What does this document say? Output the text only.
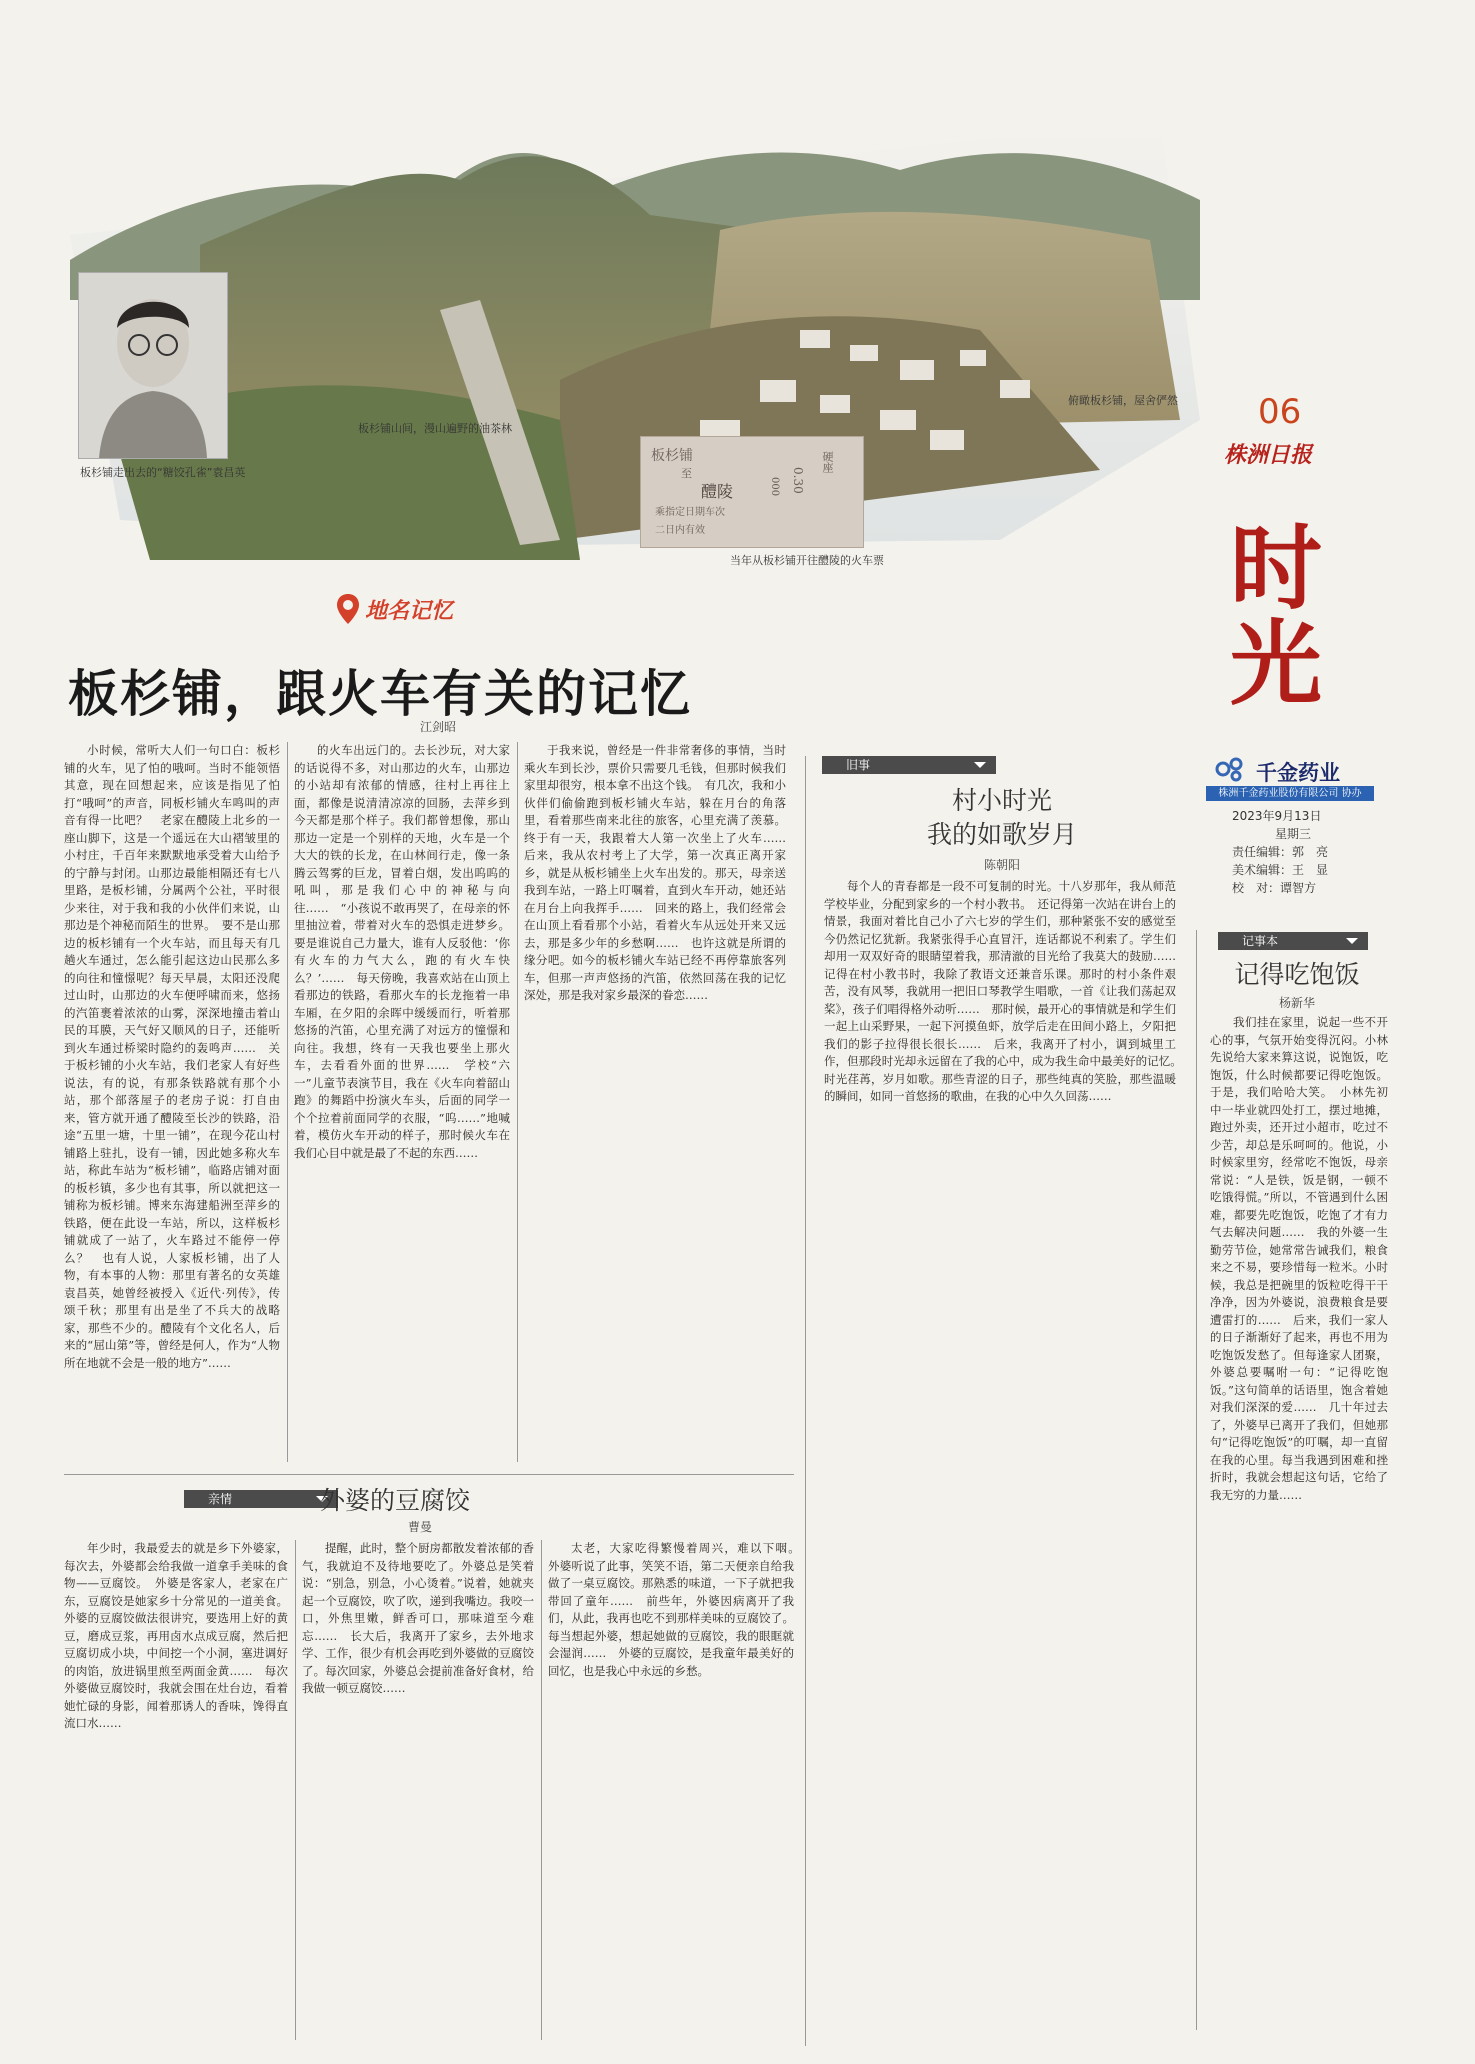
板杉铺走出去的“糖饺孔雀”袁昌英
板杉铺山间，漫山遍野的油茶林
俯瞰板杉铺，屋舍俨然
板杉铺
至
醴陵
乘指定日期车次
二日内有效
硬座
0.30
000
当年从板杉铺开往醴陵的火车票
06
株洲日报
时光
千金药业
株洲千金药业股份有限公司 协办
2023年9月13日
星期三
责任编辑：郭　亮
美术编辑：王　显
校　对：谭智方
地名记忆
板杉铺，跟火车有关的记忆
江剑昭
小时候，常听大人们一句口白：板杉铺的火车，见了怕的哦呵。当时不能领悟其意，现在回想起来，应该是指见了怕打“哦呵”的声音，同板杉铺火车鸣叫的声音有得一比吧？　老家在醴陵上北乡的一座山脚下，这是一个遥远在大山褶皱里的小村庄，千百年来默默地承受着大山给予的宁静与封闭。山那边最能相隔还有七八里路，是板杉铺，分属两个公社，平时很少来往，对于我和我的小伙伴们来说，山那边是个神秘而陌生的世界。　要不是山那边的板杉铺有一个火车站，而且每天有几趟火车通过，怎么能引起这边山民那么多的向往和憧憬呢？每天早晨，太阳还没爬过山时，山那边的火车便呼啸而来，悠扬的汽笛裹着浓浓的山雾，深深地撞击着山民的耳膜，天气好又顺风的日子，还能听到火车通过桥梁时隐约的轰鸣声……　关于板杉铺的小火车站，我们老家人有好些说法，有的说，有那条铁路就有那个小站，那个部落屋子的老房子说：打自由来，管方就开通了醴陵至长沙的铁路，沿途“五里一塘，十里一铺”，在现今花山村铺路上驻扎，设有一铺，因此她多称火车站，称此车站为“板杉铺”，临路店铺对面的板杉镇，多少也有其事，所以就把这一铺称为板杉铺。博来东海建船洲至萍乡的铁路，便在此设一车站，所以，这样板杉铺就成了一站了，火车路过不能停一停么？　也有人说，人家板杉铺，出了人物，有本事的人物：那里有著名的女英雄袁昌英，她曾经被授入《近代·列传》，传颂千秋；那里有出是坐了不兵大的战略家，那些不少的。醴陵有个文化名人，后来的“屈山第”等，曾经是何人，作为“人物所在地就不会是一般的地方”……
的火车出远门的。去长沙玩，对大家的话说得不多，对山那边的火车，山那边的小站却有浓郁的情感，往村上再往上面，都像是说清清凉凉的回肠，去萍乡到今天都是那个样子。我们都曾想像，那山那边一定是一个别样的天地，火车是一个大大的铁的长龙，在山林间行走，像一条腾云驾雾的巨龙，冒着白烟，发出呜呜的吼叫，那是我们心中的神秘与向往……　“小孩说不敢再哭了，在母亲的怀里抽泣着，带着对火车的恐惧走进梦乡。要是谁说自己力量大，谁有人反驳他：‘你有火车的力气大么，跑的有火车快么？’……　每天傍晚，我喜欢站在山顶上看那边的铁路，看那火车的长龙拖着一串车厢，在夕阳的余晖中缓缓而行，听着那悠扬的汽笛，心里充满了对远方的憧憬和向往。我想，终有一天我也要坐上那火车，去看看外面的世界……　学校“六一”儿童节表演节目，我在《火车向着韶山跑》的舞蹈中扮演火车头，后面的同学一个个拉着前面同学的衣服，“呜……”地喊着，模仿火车开动的样子，那时候火车在我们心目中就是最了不起的东西……
于我来说，曾经是一件非常奢侈的事情，当时乘火车到长沙，票价只需要几毛钱，但那时候我们家里却很穷，根本拿不出这个钱。　有几次，我和小伙伴们偷偷跑到板杉铺火车站，躲在月台的角落里，看着那些南来北往的旅客，心里充满了羡慕。终于有一天，我跟着大人第一次坐上了火车……　后来，我从农村考上了大学，第一次真正离开家乡，就是从板杉铺坐上火车出发的。那天，母亲送我到车站，一路上叮嘱着，直到火车开动，她还站在月台上向我挥手……　回来的路上，我们经常会在山顶上看看那个小站，看着火车从远处开来又远去，那是多少年的乡愁啊……　也许这就是所谓的缘分吧。如今的板杉铺火车站已经不再停靠旅客列车，但那一声声悠扬的汽笛，依然回荡在我的记忆深处，那是我对家乡最深的眷恋……
旧事
村小时光
我的如歌岁月
陈朝阳
每个人的青春都是一段不可复制的时光。十八岁那年，我从师范学校毕业，分配到家乡的一个村小教书。　还记得第一次站在讲台上的情景，我面对着比自己小了六七岁的学生们，那种紧张不安的感觉至今仍然记忆犹新。我紧张得手心直冒汗，连话都说不利索了。学生们却用一双双好奇的眼睛望着我，那清澈的目光给了我莫大的鼓励……　记得在村小教书时，我除了教语文还兼音乐课。那时的村小条件艰苦，没有风琴，我就用一把旧口琴教学生唱歌，一首《让我们荡起双桨》，孩子们唱得格外动听……　那时候，最开心的事情就是和学生们一起上山采野果，一起下河摸鱼虾，放学后走在田间小路上，夕阳把我们的影子拉得很长很长……　后来，我离开了村小，调到城里工作，但那段时光却永远留在了我的心中，成为我生命中最美好的记忆。　时光荏苒，岁月如歌。那些青涩的日子，那些纯真的笑脸，那些温暖的瞬间，如同一首悠扬的歌曲，在我的心中久久回荡……
记事本
记得吃饱饭
杨新华
我们挂在家里，说起一些不开心的事，气氛开始变得沉闷。小林先说给大家来算这说，说饱饭，吃饱饭，什么时候都要记得吃饱饭。于是，我们哈哈大笑。　小林先初中一毕业就四处打工，摆过地摊，跑过外卖，还开过小超市，吃过不少苦，却总是乐呵呵的。他说，小时候家里穷，经常吃不饱饭，母亲常说：“人是铁，饭是钢，一顿不吃饿得慌。”所以，不管遇到什么困难，都要先吃饱饭，吃饱了才有力气去解决问题……　我的外婆一生勤劳节俭，她常常告诫我们，粮食来之不易，要珍惜每一粒米。小时候，我总是把碗里的饭粒吃得干干净净，因为外婆说，浪费粮食是要遭雷打的……　后来，我们一家人的日子渐渐好了起来，再也不用为吃饱饭发愁了。但每逢家人团聚，外婆总要嘱咐一句：“记得吃饱饭。”这句简单的话语里，饱含着她对我们深深的爱……　几十年过去了，外婆早已离开了我们，但她那句“记得吃饱饭”的叮嘱，却一直留在我的心里。每当我遇到困难和挫折时，我就会想起这句话，它给了我无穷的力量……
亲情	外婆的豆腐饺
曹曼
年少时，我最爱去的就是乡下外婆家，每次去，外婆都会给我做一道拿手美味的食物——豆腐饺。　外婆是客家人，老家在广东，豆腐饺是她家乡十分常见的一道美食。外婆的豆腐饺做法很讲究，要选用上好的黄豆，磨成豆浆，再用卤水点成豆腐，然后把豆腐切成小块，中间挖一个小洞，塞进调好的肉馅，放进锅里煎至两面金黄……　每次外婆做豆腐饺时，我就会围在灶台边，看着她忙碌的身影，闻着那诱人的香味，馋得直流口水……
提醒，此时，整个厨房都散发着浓郁的香气，我就迫不及待地要吃了。外婆总是笑着说：“别急，别急，小心烫着。”说着，她就夹起一个豆腐饺，吹了吹，递到我嘴边。我咬一口，外焦里嫩，鲜香可口，那味道至今难忘……　长大后，我离开了家乡，去外地求学、工作，很少有机会再吃到外婆做的豆腐饺了。每次回家，外婆总会提前准备好食材，给我做一顿豆腐饺……
太老，大家吃得繁慢着周兴，难以下咽。　外婆听说了此事，笑笑不语，第二天便亲自给我做了一桌豆腐饺。那熟悉的味道，一下子就把我带回了童年……　前些年，外婆因病离开了我们，从此，我再也吃不到那样美味的豆腐饺了。每当想起外婆，想起她做的豆腐饺，我的眼眶就会湿润……　外婆的豆腐饺，是我童年最美好的回忆，也是我心中永远的乡愁。
